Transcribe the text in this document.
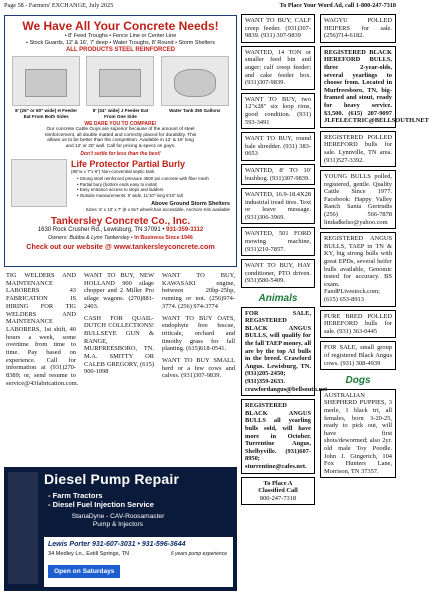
Page 58 - Farmers' EXCHANGE, July 2025	To Place Your Word Ad, call 1-800-247-7318
We Have All Your Concrete Needs!
• 8' Feed Troughs • Fence Line or Center Line
• Stock Guards, 12' & 16', 7' deep • Water Troughs, 8' Round • Storm Shelters
ALL PRODUCTS STEEL REINFORCED
8' (26" or 60" wide) H Feeder Eat From Both Sides
8' (34" wide) J Feeder Eat From One Side
Water Tank 350 Gallons
WE DARE YOU TO COMPARE!
Our concrete Cattle Guys are superior because of the amount of steel reinforcement, all double matted and correctly placed for durability. This allows us to be better than the competition. Available in 12' & 16' long and 12' or 20' wall. Call for pricing & specs on guys.
Don't settle for less than the best!
Life Protector Partial Burly
(85"w x 7"x 6") Non-convential septic tank
• Strong steel reinforced pressure 4500 psi concrete with fiber mesh
• Partial bury (bottom ends easy to install
• Easy entrance access to steps and ladders
• Outside measurements: 8' wide, 11'10" long 6'10" tall
Above Ground Storm Shelters
Sizes: 6' x 10' x 7' (6 x 8x7 wheelchair accessible, Anchors Kits available
Tankersley Concrete Co., Inc.
1630 Rock Crusher Rd., Lewisburg, TN 37091 • 931-359-3112
Owners: Bubba & Lynn Tankersley • In Business Since 1946
Check out our website @ www.tankersleyconcrete.com
TIG WELDERS AND MAINTENANCE LABORERS 43 FABRICATION IS HIRING FOR TIG WELDERS AND MAINTENANCE LABORERS, 1st shift, 40 hours a week, some overtime from time to time. Pay based on experience. Call for information at (931)270-8389; or, send resume to service@43fabrication.com.
WANT TO BUY, NEW HOLLAND 900 silage chopper and 2 Miller Pro silage wagons. (270)881-2403.
CASH FOR QUAIL-DUTCH COLLECTIONS! BULLSEYE GUN & RANGE, MURFREESBORO, TN. M.A. SMITTY OR CALEB GREGORY, (615) 900-1098
WANT TO BUY, KAWASAKI engine, between 20hp-25hp, running or not. (256)974-3774. (256) 974-3774
WANT TO BUY OATS, endophyte free fescue, triticale, orchard and timothy grass for fall planting. (615)618-0541.
WANT TO BUY SMALL herd or a few cows and calves. (931)307-9839.
Diesel Pump Repair
- Farm Tractors
- Diesel Fuel Injection Service
StanaDyne - CAV-Roosamaster
Pump & Injectors
Lewis Porter 931-607-3031 • 931-596-3644
34 Medley Ln., Estill Springs, TN	6 years pump experience
Open on Saturdays
WANT TO BUY, CALF creep feeder. (931)307-9839. (931) 307-9839
WANTED, 14 TON or smaller feed bin and auger; calf creep feeder; and cake feeder box. (931)307-9839.
WANT TO BUY, two 12"x28" six loop rims, good condition. (931) 593-3491
WANT TO BUY, round bale shredder. (931) 383-0653
WANTED, 8' TO 10' bushhog. (931)307-9839.
WANTED, 16.9-18.4X28 industrial tread tires. Text or leave message. (931)306-3969.
WANTED, 501 FORD mowing machine, (931)210-7857.
WANT TO BUY, HAY conditioner, PTO driven. (931)580-5409.
Animals
FOR SALE, REGISTERED BLACK ANGUS BULLS, will qualify for the fall TAEP money, all are by the top AI bulls in the breed. Crawford Angus. Lewisburg, TN. (931)205-2450; (931)359-2633. crawfordangus@bellsouth.net
REGISTERED BLACK ANGUS BULLS all yearling bulls sold, will have more in October. Turrentine Angus, Shelbyville. (931)607-8950; sturrentine@cafes.net.
To Place A
Classified Call
800-247-7318
WAGYU POLLED HEIFERS for sale. (256)714-6182.
REGISTERED BLACK HEREFORD BULLS, three 2-year-olds, several yearlings to choose from. Located in Murfreesboro, TN, big-framed and stout, ready for heavy service. $3,500. (615) 207-9097 JLFELECTRIC@BELLSOUTH.NET
REGISTERED POLLED HEREFORD bulls for sale. Lynnville, TN area. (931)527-3392.
YOUNG BULLS polled, registered, gentle. Quality Cattle Since 1977. Facebook: Happy Valley Ranch Santa Gertrudis (256) 566-7878 lindadkelso@yahoo.com
REGISTERED ANGUS BULLS, TAEP in TN & KY, big strong bulls with great EPDs, several heifer bulls available, Genomic tested for accuracy. BS exam. FandPLivestock.com; (615) 653-8913
PURE BRED POLLED HEREFORD bulls for sale. (931) 363-0445
FOR SALE, small group of registered Black Angus cows. (931) 308-4939
Dogs
AUSTRALIAN SHEPHERD PUPPIES, 3 merle, 1 black tri, all females, born 3-20-25, ready to pick out, will have first shots/dewormed; also 2yr. old male Toy Poodle. John J. Gingerich, 104 Fox Hunters Lane, Morrison, TN 37357.
